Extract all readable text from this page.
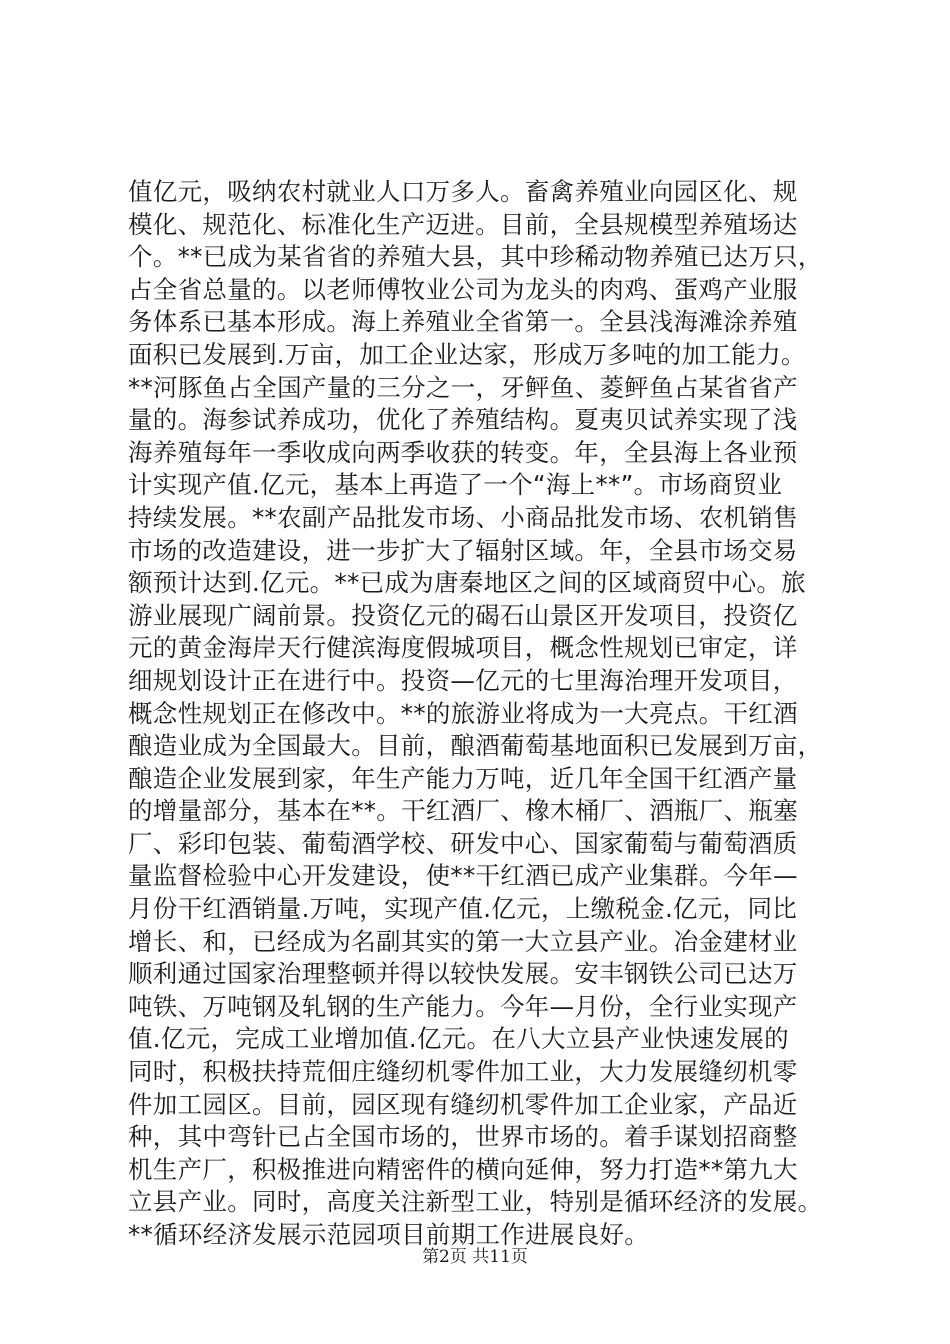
值亿元，吸纳农村就业人口万多人。畜禽养殖业向园区化、规
模化、规范化、标准化生产迈进。目前，全县规模型养殖场达
个。**已成为某省省的养殖大县，其中珍稀动物养殖已达万只，
占全省总量的。以老师傅牧业公司为龙头的肉鸡、蛋鸡产业服
务体系已基本形成。海上养殖业全省第一。全县浅海滩涂养殖
面积已发展到.万亩，加工企业达家，形成万多吨的加工能力。
**河豚鱼占全国产量的三分之一，牙鲆鱼、菱鲆鱼占某省省产
量的。海参试养成功，优化了养殖结构。夏夷贝试养实现了浅
海养殖每年一季收成向两季收获的转变。年，全县海上各业预
计实现产值.亿元，基本上再造了一个“海上**”。市场商贸业
持续发展。**农副产品批发市场、小商品批发市场、农机销售
市场的改造建设，进一步扩大了辐射区域。年，全县市场交易
额预计达到.亿元。**已成为唐秦地区之间的区域商贸中心。旅
游业展现广阔前景。投资亿元的碣石山景区开发项目，投资亿
元的黄金海岸天行健滨海度假城项目，概念性规划已审定，详
细规划设计正在进行中。投资—亿元的七里海治理开发项目，
概念性规划正在修改中。**的旅游业将成为一大亮点。干红酒
酿造业成为全国最大。目前，酿酒葡萄基地面积已发展到万亩，
酿造企业发展到家，年生产能力万吨，近几年全国干红酒产量
的增量部分，基本在**。干红酒厂、橡木桶厂、酒瓶厂、瓶塞
厂、彩印包装、葡萄酒学校、研发中心、国家葡萄与葡萄酒质
量监督检验中心开发建设，使**干红酒已成产业集群。今年—
月份干红酒销量.万吨，实现产值.亿元，上缴税金.亿元，同比
增长、和，已经成为名副其实的第一大立县产业。冶金建材业
顺利通过国家治理整顿并得以较快发展。安丰钢铁公司已达万
吨铁、万吨钢及轧钢的生产能力。今年—月份，全行业实现产
值.亿元，完成工业增加值.亿元。在八大立县产业快速发展的
同时，积极扶持荒佃庄缝纫机零件加工业，大力发展缝纫机零
件加工园区。目前，园区现有缝纫机零件加工企业家，产品近
种，其中弯针已占全国市场的，世界市场的。着手谋划招商整
机生产厂，积极推进向精密件的横向延伸，努力打造**第九大
立县产业。同时，高度关注新型工业，特别是循环经济的发展。
**循环经济发展示范园项目前期工作进展良好。
第2页 共11页
